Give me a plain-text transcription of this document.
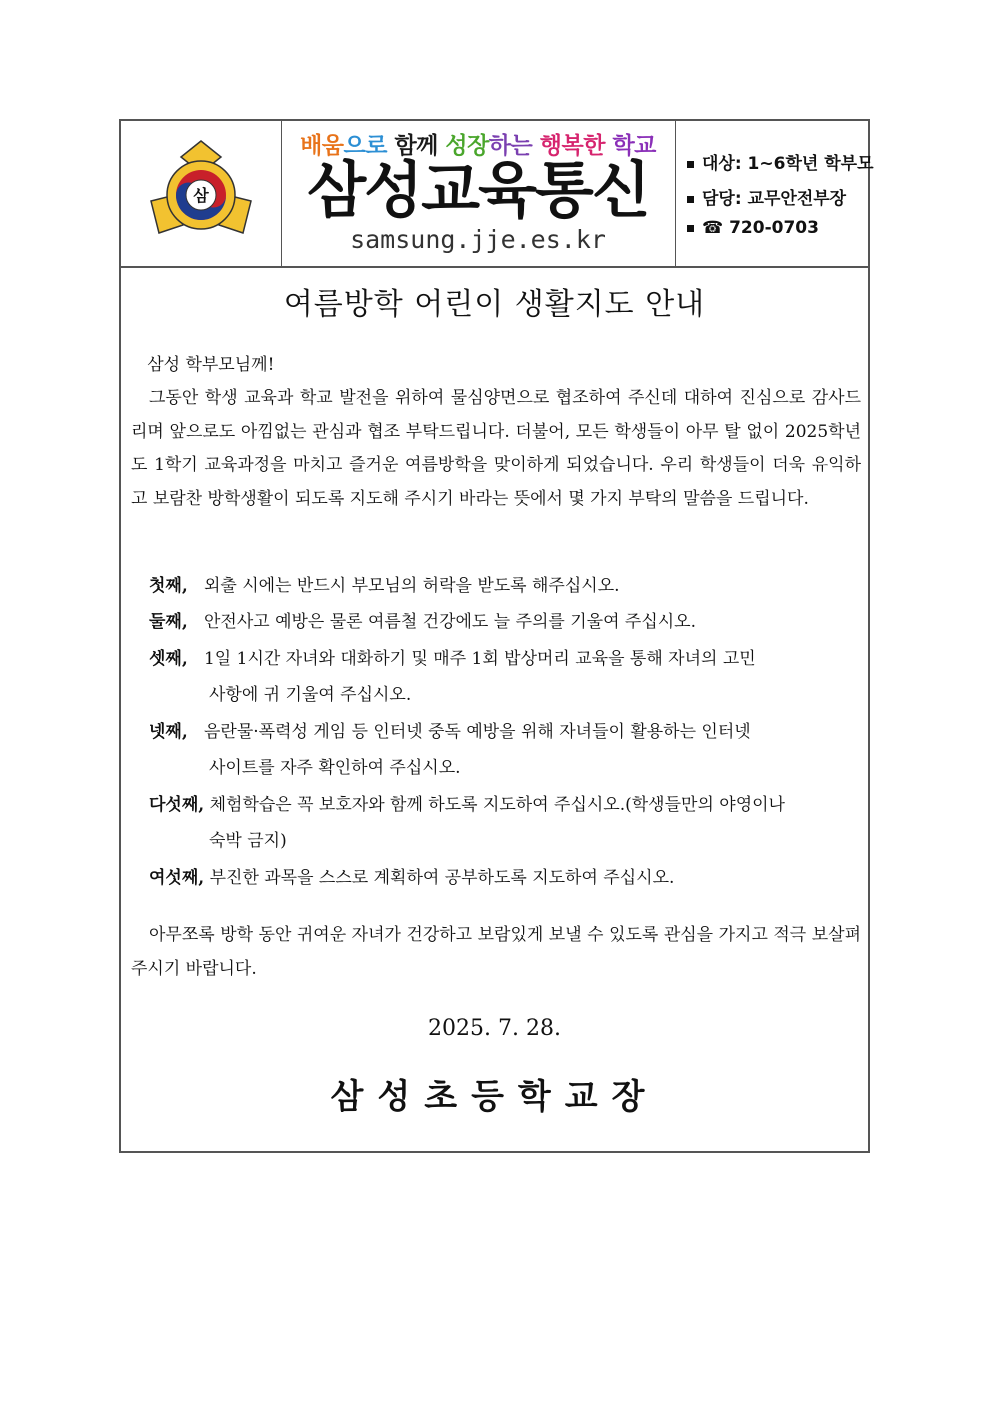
삼
배움으로 함께 성장하는 행복한 학교
삼성교육통신
samsung.jje.es.kr
대상: 1~6학년 학부모
담당: 교무안전부장
☎ 720-0703
여름방학 어린이 생활지도 안내
삼성 학부모님께!
그동안 학생 교육과 학교 발전을 위하여 물심양면으로 협조하여 주신데 대하여 진심으로 감사드리며 앞으로도 아낌없는 관심과 협조 부탁드립니다. 더불어, 모든 학생들이 아무 탈 없이 2025학년도 1학기 교육과정을 마치고 즐거운 여름방학을 맞이하게 되었습니다. 우리 학생들이 더욱 유익하고 보람찬 방학생활이 되도록 지도해 주시기 바라는 뜻에서 몇 가지 부탁의 말씀을 드립니다.
첫째, 외출 시에는 반드시 부모님의 허락을 받도록 해주십시오.
둘째, 안전사고 예방은 물론 여름철 건강에도 늘 주의를 기울여 주십시오.
셋째, 1일 1시간 자녀와 대화하기 및 매주 1회 밥상머리 교육을 통해 자녀의 고민
사항에 귀 기울여 주십시오.
넷째, 음란물·폭력성 게임 등 인터넷 중독 예방을 위해 자녀들이 활용하는 인터넷
사이트를 자주 확인하여 주십시오.
다섯째, 체험학습은 꼭 보호자와 함께 하도록 지도하여 주십시오.(학생들만의 야영이나
숙박 금지)
여섯째, 부진한 과목을 스스로 계획하여 공부하도록 지도하여 주십시오.
아무쪼록 방학 동안 귀여운 자녀가 건강하고 보람있게 보낼 수 있도록 관심을 가지고 적극 보살펴 주시기 바랍니다.
2025. 7. 28.
삼성초등학교장
